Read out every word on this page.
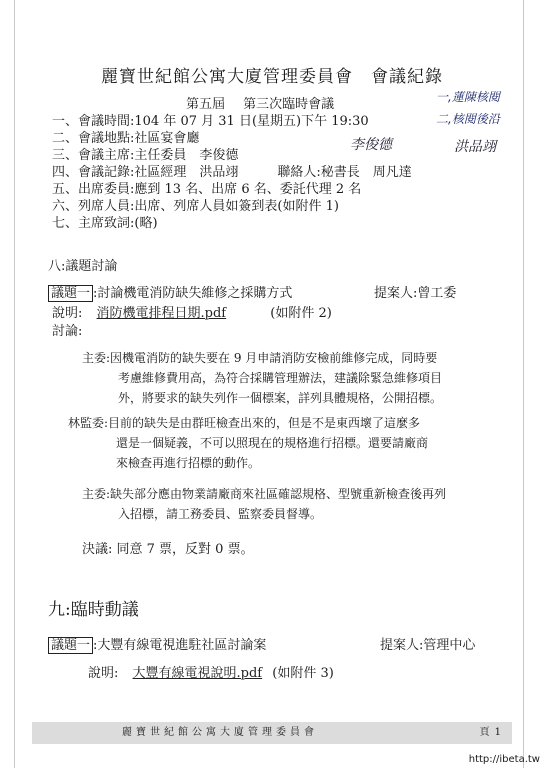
麗寶世紀館公寓大廈管理委員會　會議紀錄
第五屆 第三次臨時會議	一,蓮陳核閱
二,核閱後沿
李俊德	洪品翊
一、會議時間:104 年 07 月 31 日(星期五)下午 19:30
二、會議地點:社區宴會廳
三、會議主席:主任委員　李俊德
四、會議記錄:社區經理　洪品翊　　　聯絡人:秘書長　周凡達
五、出席委員:應到 13 名、出席 6 名、委託代理 2 名
六、列席人員:出席、列席人員如簽到表(如附件 1)
七、主席致詞:(略)
八:議題討論
議題一 :討論機電消防缺失維修之採購方式	提案人:曾工委
說明: 消防機電排程日期.pdf	(如附件 2)
討論:
主委:因機電消防的缺失要在 9 月申請消防安檢前維修完成，同時要
　　　考慮維修費用高，為符合採購管理辦法，建議除緊急維修項目
　　　外，將要求的缺失列作一個標案，詳列具體規格，公開招標。
林監委:目前的缺失是由群旺檢查出來的，但是不是東西壞了這麼多
　　　　還是一個疑義，不可以照現在的規格進行招標。還要請廠商
　　　　來檢查再進行招標的動作。
主委:缺失部分應由物業請廠商來社區確認規格、型號重新檢查後再列
　　　入招標，請工務委員、監察委員督導。
決議: 同意 7 票，反對 0 票。
九:臨時動議
議題一 :大豐有線電視進駐社區討論案	提案人:管理中心
說明: 大豐有線電視說明.pdf (如附件 3)
麗寶世紀館公寓大廈管理委員會	頁 1
http://ibeta.tw
